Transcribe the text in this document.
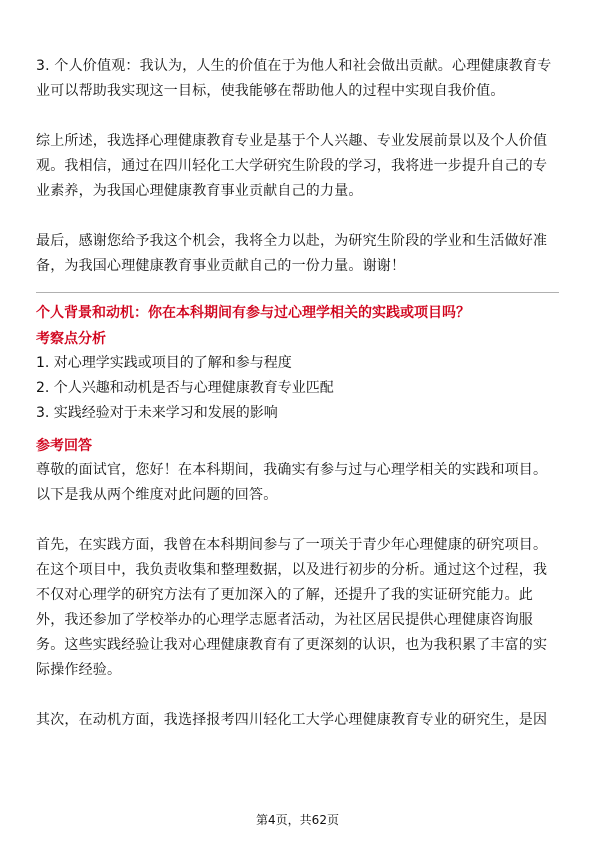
3. 个人价值观：我认为，人生的价值在于为他人和社会做出贡献。心理健康教育专业可以帮助我实现这一目标，使我能够在帮助他人的过程中实现自我价值。

综上所述，我选择心理健康教育专业是基于个人兴趣、专业发展前景以及个人价值观。我相信，通过在四川轻化工大学研究生阶段的学习，我将进一步提升自己的专业素养，为我国心理健康教育事业贡献自己的力量。

最后，感谢您给予我这个机会，我将全力以赴，为研究生阶段的学业和生活做好准备，为我国心理健康教育事业贡献自己的一份力量。谢谢！

个人背景和动机：你在本科期间有参与过心理学相关的实践或项目吗？

考察点分析

1. 对心理学实践或项目的了解和参与程度
2. 个人兴趣和动机是否与心理健康教育专业匹配
3. 实践经验对于未来学习和发展的影响

参考回答

尊敬的面试官，您好！在本科期间，我确实有参与过与心理学相关的实践和项目。以下是我从两个维度对此问题的回答。

首先，在实践方面，我曾在本科期间参与了一项关于青少年心理健康的研究项目。在这个项目中，我负责收集和整理数据，以及进行初步的分析。通过这个过程，我不仅对心理学的研究方法有了更加深入的了解，还提升了我的实证研究能力。此外，我还参加了学校举办的心理学志愿者活动，为社区居民提供心理健康咨询服务。这些实践经验让我对心理健康教育有了更深刻的认识，也为我积累了丰富的实际操作经验。

其次，在动机方面，我选择报考四川轻化工大学心理健康教育专业的研究生，是因

第4页，共62页
